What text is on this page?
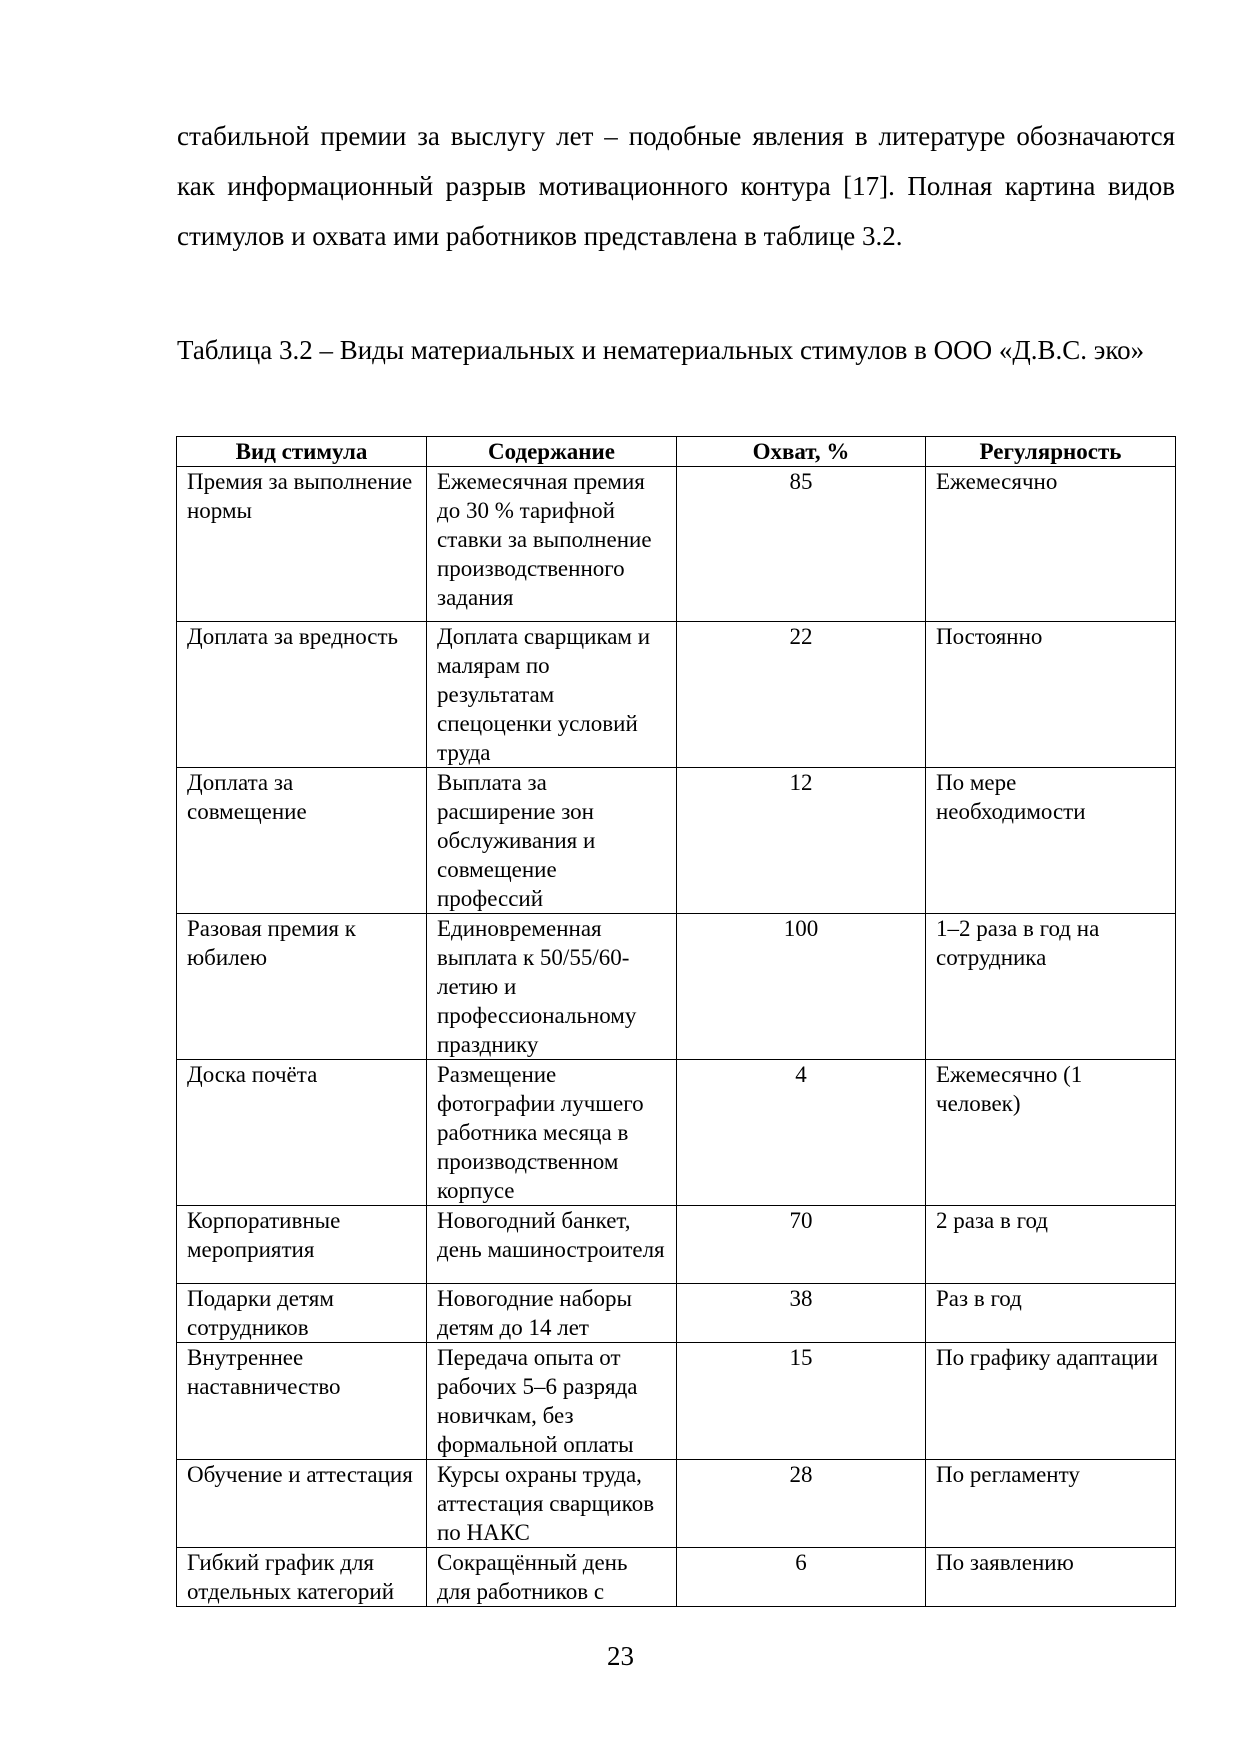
стабильной премии за выслугу лет – подобные явления в литературе обозначаются как информационный разрыв мотивационного контура [17]. Полная картина видов стимулов и охвата ими работников представлена в таблице 3.2.

Таблица 3.2 – Виды материальных и нематериальных стимулов в ООО «Д.В.С. эко»

Вид стимула	Содержание	Охват, %	Регулярность
Премия за выполнение нормы	Ежемесячная премия до 30 % тарифной ставки за выполнение производственного задания	85	Ежемесячно
Доплата за вредность	Доплата сварщикам и малярам по результатам спецоценки условий труда	22	Постоянно
Доплата за совмещение	Выплата за расширение зон обслуживания и совмещение профессий	12	По мере необходимости
Разовая премия к юбилею	Единовременная выплата к 50/55/60-летию и профессиональному празднику	100	1–2 раза в год на сотрудника
Доска почёта	Размещение фотографии лучшего работника месяца в производственном корпусе	4	Ежемесячно (1 человек)
Корпоративные мероприятия	Новогодний банкет, день машиностроителя	70	2 раза в год
Подарки детям сотрудников	Новогодние наборы детям до 14 лет	38	Раз в год
Внутреннее наставничество	Передача опыта от рабочих 5–6 разряда новичкам, без формальной оплаты	15	По графику адаптации
Обучение и аттестация	Курсы охраны труда, аттестация сварщиков по НАКС	28	По регламенту
Гибкий график для отдельных категорий	Сокращённый день для работников с	6	По заявлению
23
